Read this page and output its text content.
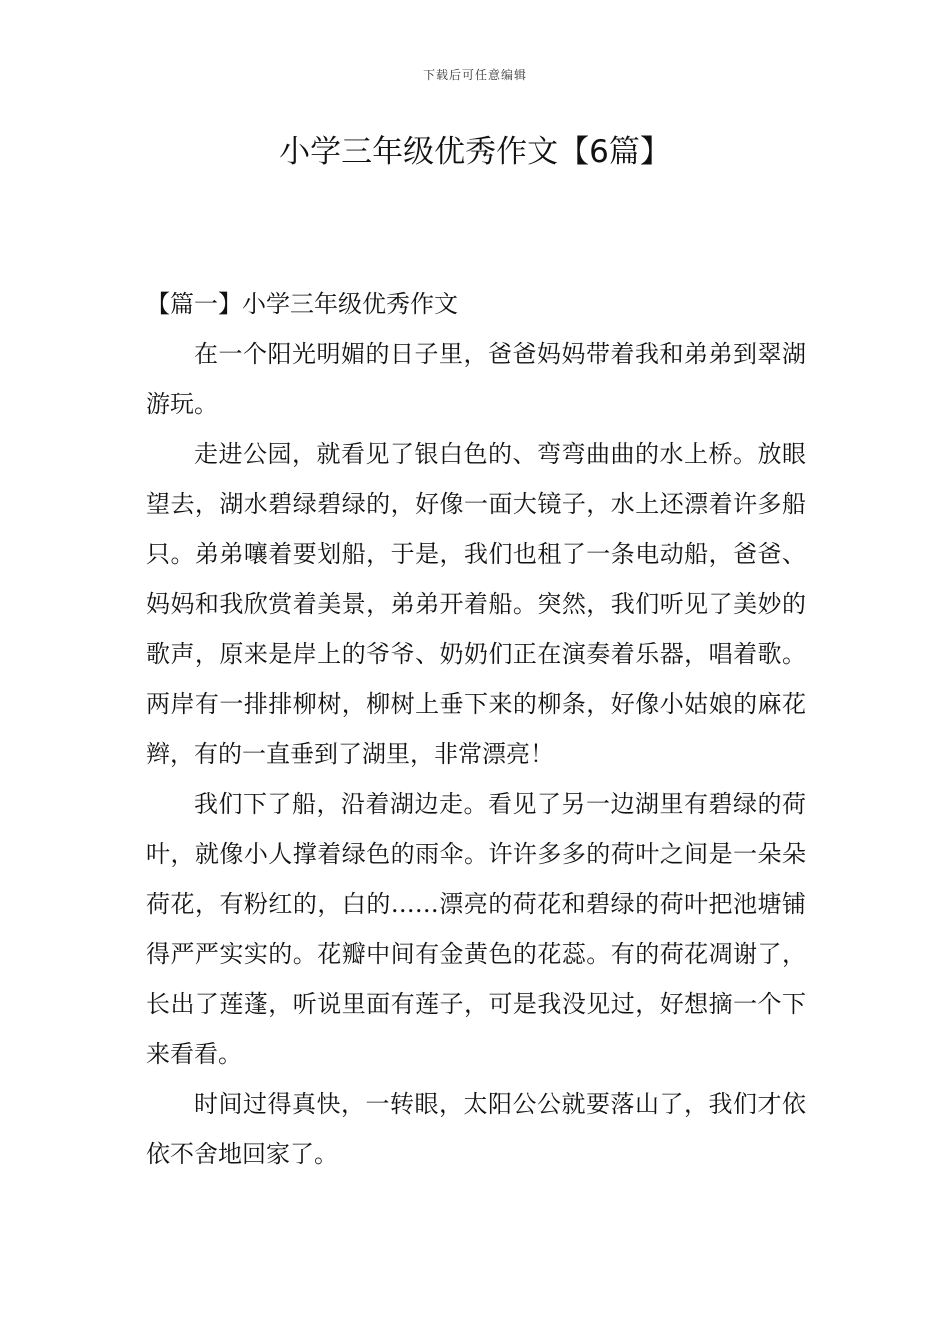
下载后可任意编辑
小学三年级优秀作文【6篇】
【篇一】小学三年级优秀作文

在一个阳光明媚的日子里，爸爸妈妈带着我和弟弟到翠湖游玩。

走进公园，就看见了银白色的、弯弯曲曲的水上桥。放眼望去，湖水碧绿碧绿的，好像一面大镜子，水上还漂着许多船只。弟弟嚷着要划船，于是，我们也租了一条电动船，爸爸、妈妈和我欣赏着美景，弟弟开着船。突然，我们听见了美妙的歌声，原来是岸上的爷爷、奶奶们正在演奏着乐器，唱着歌。两岸有一排排柳树，柳树上垂下来的柳条，好像小姑娘的麻花辫，有的一直垂到了湖里，非常漂亮！

我们下了船，沿着湖边走。看见了另一边湖里有碧绿的荷叶，就像小人撑着绿色的雨伞。许许多多的荷叶之间是一朵朵荷花，有粉红的，白的……漂亮的荷花和碧绿的荷叶把池塘铺得严严实实的。花瓣中间有金黄色的花蕊。有的荷花凋谢了，长出了莲蓬，听说里面有莲子，可是我没见过，好想摘一个下来看看。

时间过得真快，一转眼，太阳公公就要落山了，我们才依依不舍地回家了。
